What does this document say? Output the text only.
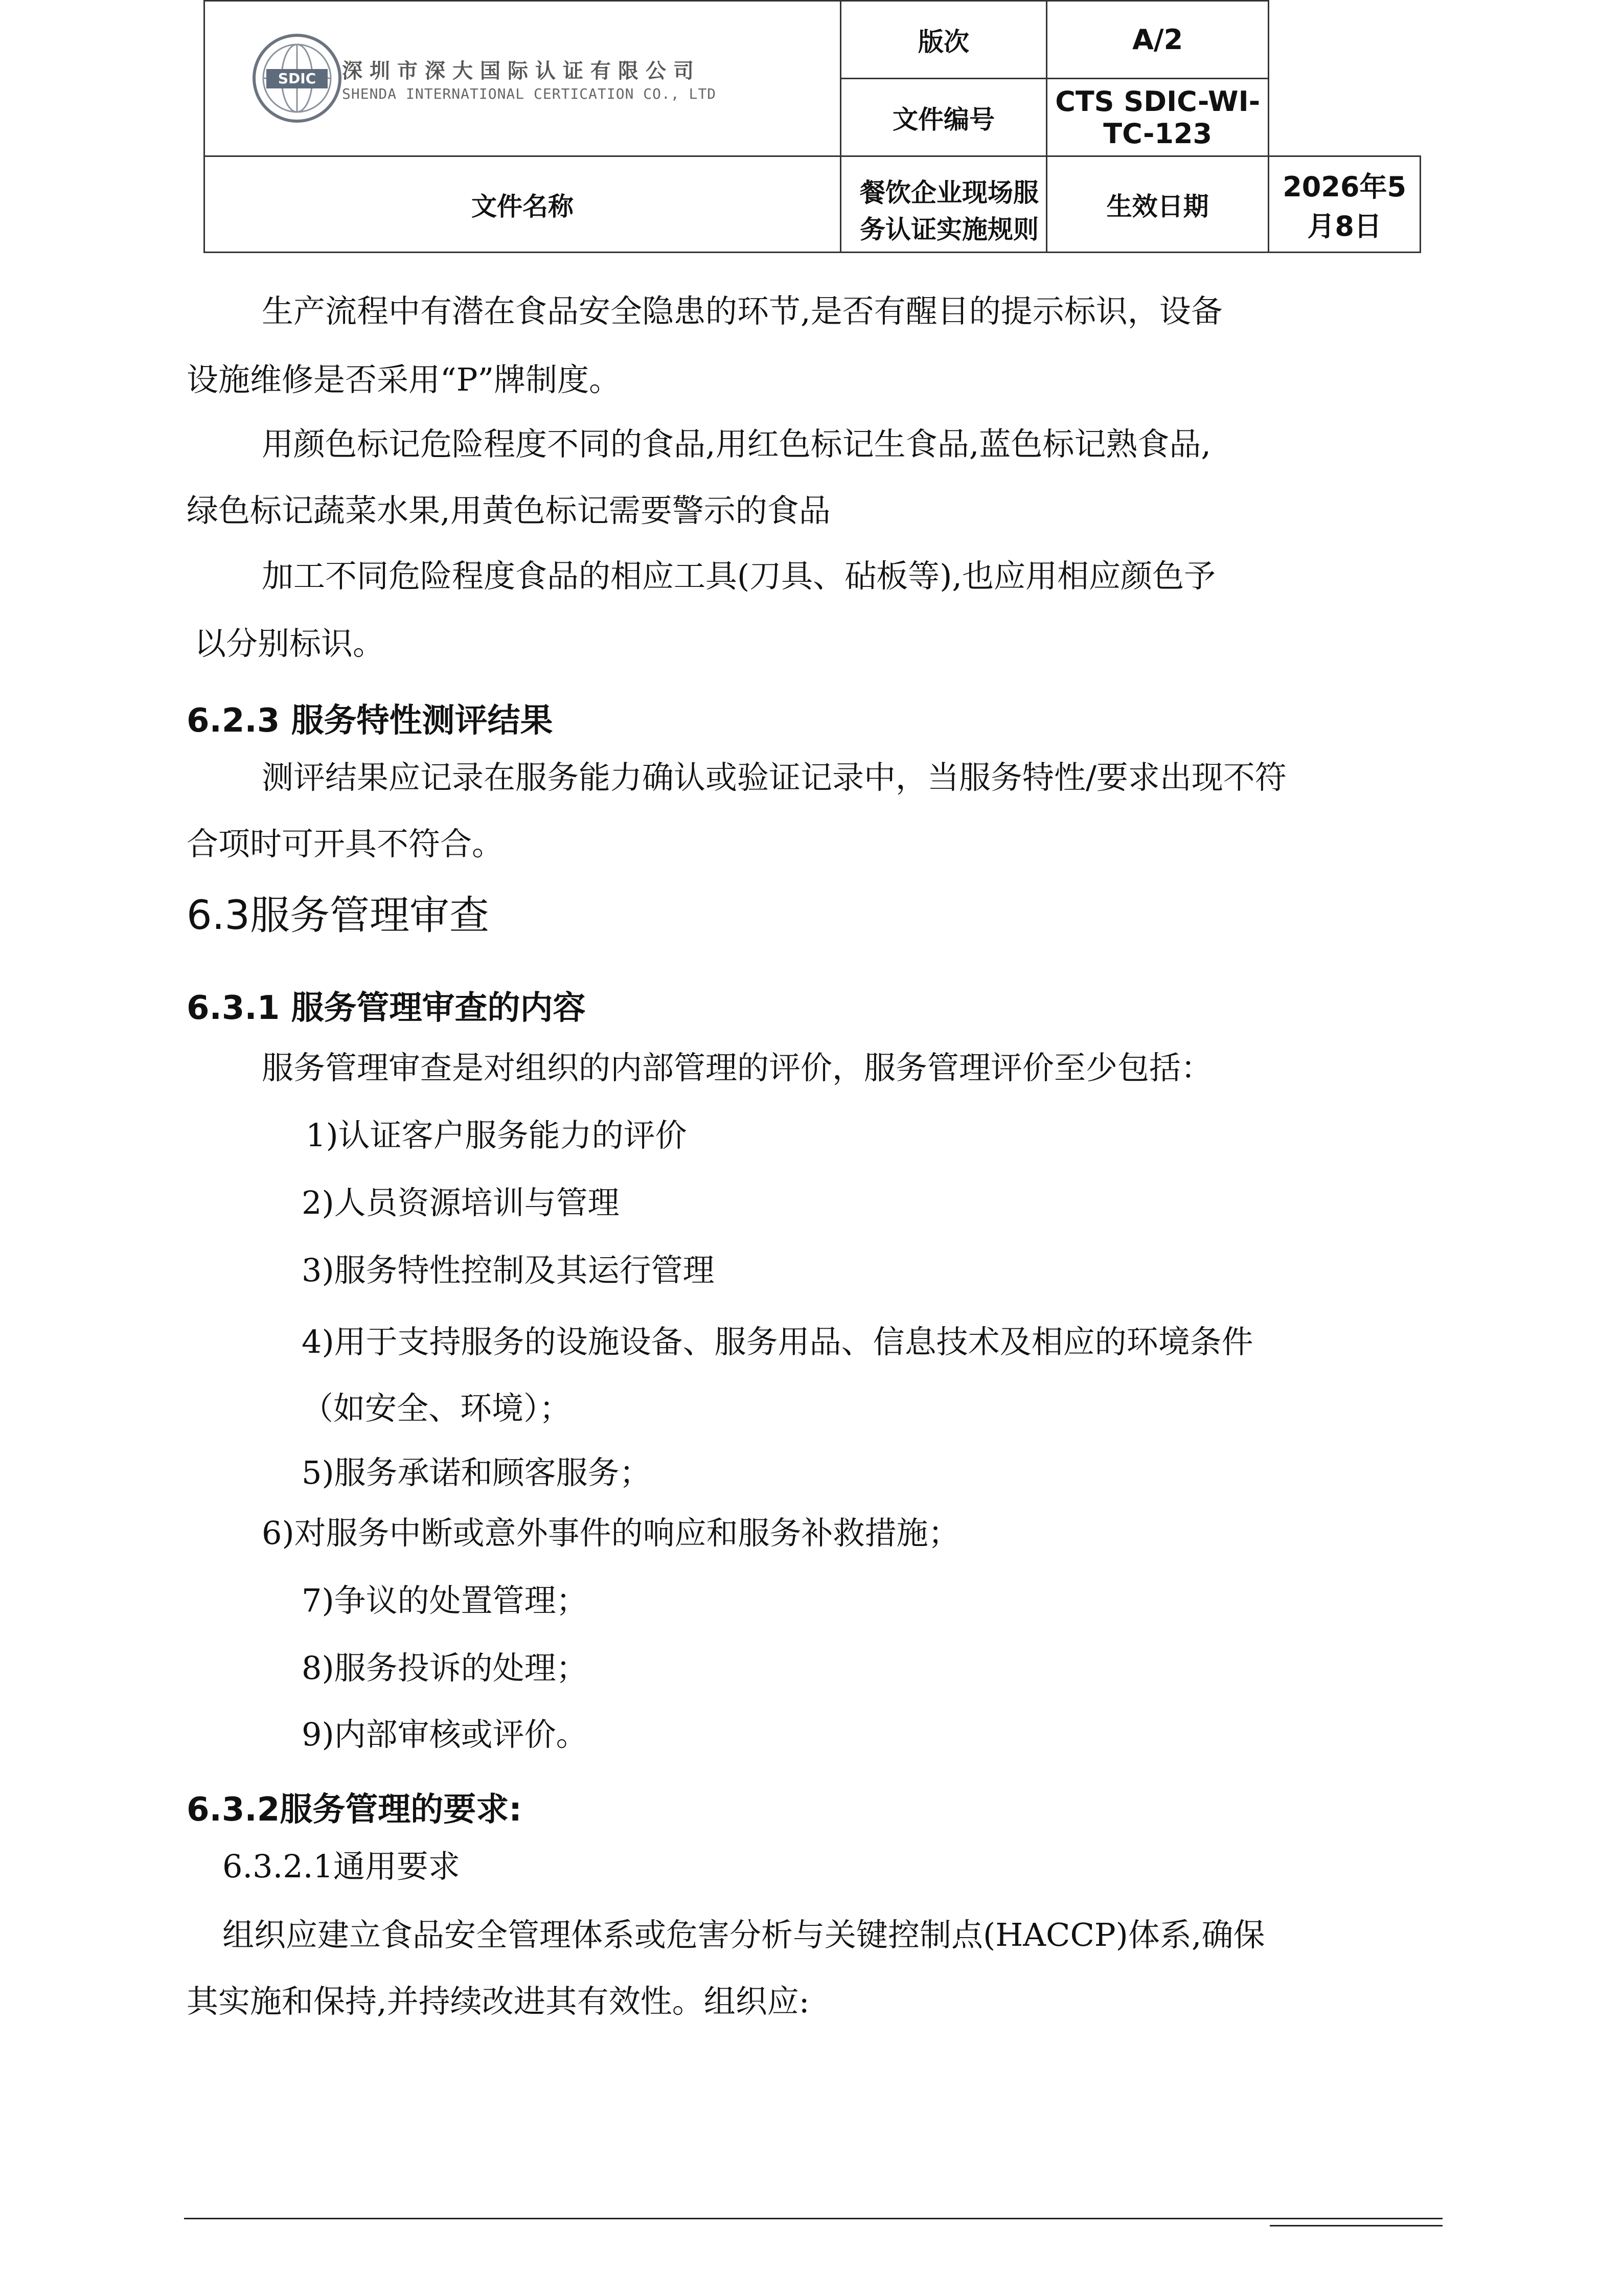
SDIC 深圳市深大国际认证有限公司
SHENDA INTERNATIONAL CERTICATION CO., LTD	版次	A/2	
	文件编号	CTS SDIC-WI-TC-123	
文件名称	餐饮企业现场服务认证实施规则	生效日期	2026年5月8日
生产流程中有潜在食品安全隐患的环节,是否有醒目的提示标识，设备
设施维修是否采用“P”牌制度。
用颜色标记危险程度不同的食品,用红色标记生食品,蓝色标记熟食品,
绿色标记蔬菜水果,用黄色标记需要警示的食品
加工不同危险程度食品的相应工具(刀具、砧板等),也应用相应颜色予
以分别标识。
6.2.3 服务特性测评结果
测评结果应记录在服务能力确认或验证记录中，当服务特性/要求出现不符
合项时可开具不符合。
6.3服务管理审查
6.3.1 服务管理审查的内容
服务管理审查是对组织的内部管理的评价，服务管理评价至少包括：
1)认证客户服务能力的评价
2)人员资源培训与管理
3)服务特性控制及其运行管理
4)用于支持服务的设施设备、服务用品、信息技术及相应的环境条件
（如安全、环境）；
5)服务承诺和顾客服务；
6)对服务中断或意外事件的响应和服务补救措施；
7)争议的处置管理；
8)服务投诉的处理；
9)内部审核或评价。
6.3.2服务管理的要求:
6.3.2.1通用要求
组织应建立食品安全管理体系或危害分析与关键控制点(HACCP)体系,确保
其实施和保持,并持续改进其有效性。组织应:
